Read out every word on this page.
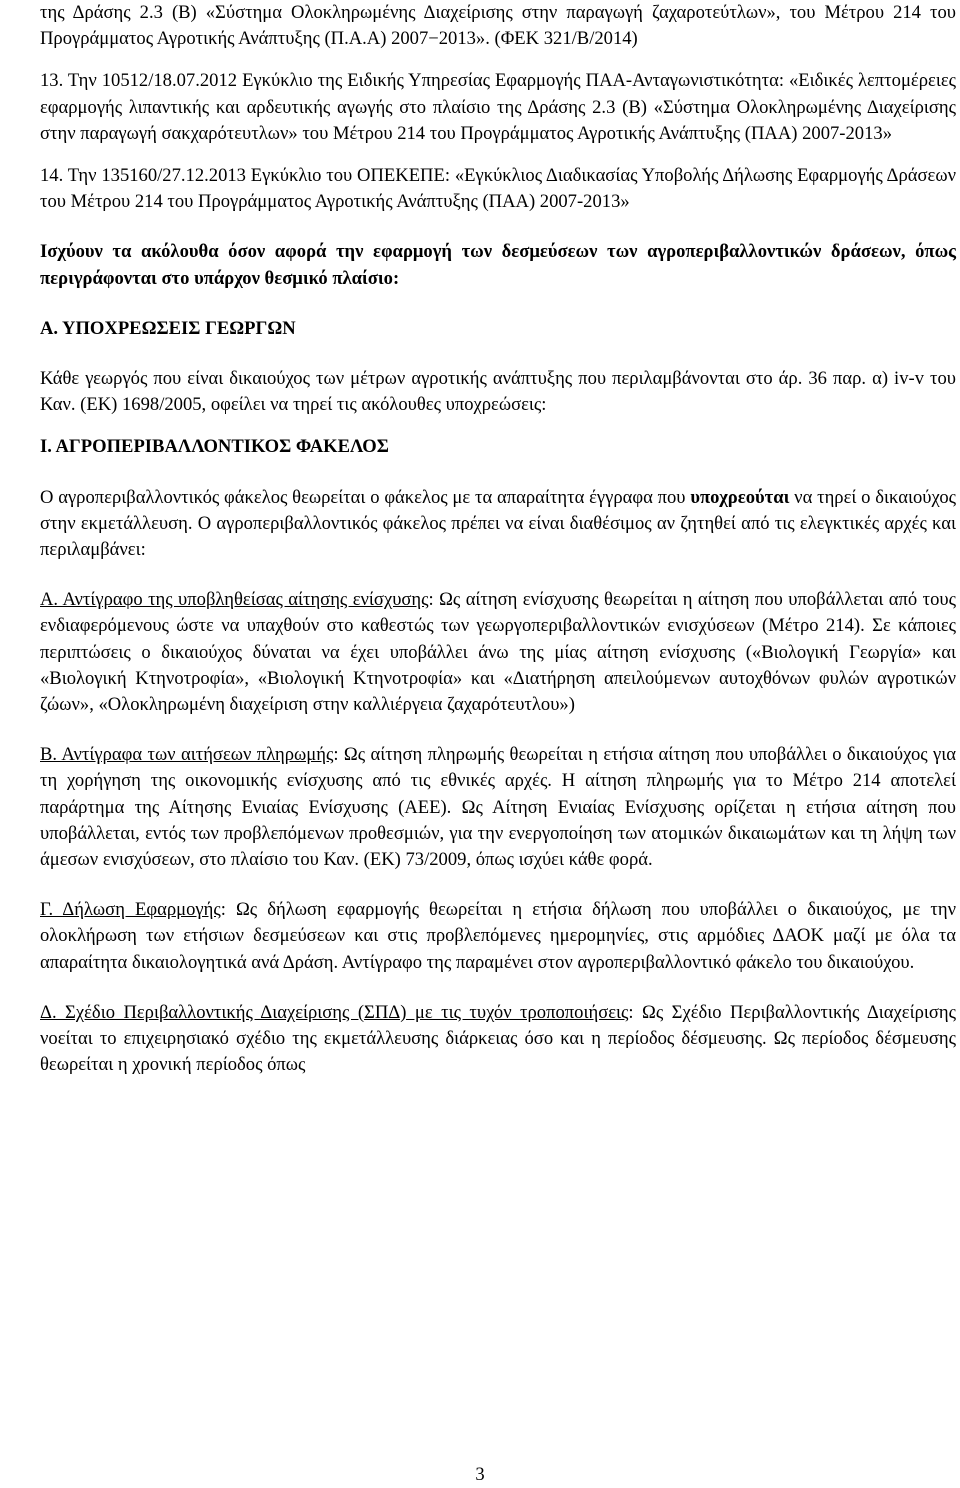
της Δράσης 2.3 (Β) «Σύστημα Ολοκληρωμένης Διαχείρισης στην παραγωγή ζαχαροτεύτλων», του Μέτρου 214 του Προγράμματος Αγροτικής Ανάπτυξης (Π.Α.Α) 2007−2013». (ΦΕΚ 321/Β/2014)

13. Την 10512/18.07.2012 Εγκύκλιο της Ειδικής Υπηρεσίας Εφαρμογής ΠΑΑ-Ανταγωνιστικότητα: «Ειδικές λεπτομέρειες εφαρμογής λιπαντικής και αρδευτικής αγωγής στο πλαίσιο της Δράσης 2.3 (Β) «Σύστημα Ολοκληρωμένης Διαχείρισης στην παραγωγή σακχαρότευτλων» του Μέτρου 214 του Προγράμματος Αγροτικής Ανάπτυξης (ΠΑΑ) 2007-2013»

14. Την 135160/27.12.2013 Εγκύκλιο του ΟΠΕΚΕΠΕ: «Εγκύκλιος Διαδικασίας Υποβολής Δήλωσης Εφαρμογής Δράσεων του Μέτρου 214 του Προγράμματος Αγροτικής Ανάπτυξης (ΠΑΑ) 2007-2013»

Ισχύουν τα ακόλουθα όσον αφορά την εφαρμογή των δεσμεύσεων των αγροπεριβαλλοντικών δράσεων, όπως περιγράφονται στο υπάρχον θεσμικό πλαίσιο:

Α. ΥΠΟΧΡΕΩΣΕΙΣ ΓΕΩΡΓΩΝ

Κάθε γεωργός που είναι δικαιούχος των μέτρων αγροτικής ανάπτυξης που περιλαμβάνονται στο άρ. 36 παρ. α) iv-v του Καν. (ΕΚ) 1698/2005, οφείλει να τηρεί τις ακόλουθες υποχρεώσεις:

Ι. ΑΓΡΟΠΕΡΙΒΑΛΛΟΝΤΙΚΟΣ ΦΑΚΕΛΟΣ

Ο αγροπεριβαλλοντικός φάκελος θεωρείται ο φάκελος με τα απαραίτητα έγγραφα που υποχρεούται να τηρεί ο δικαιούχος στην εκμετάλλευση. Ο αγροπεριβαλλοντικός φάκελος πρέπει να είναι διαθέσιμος αν ζητηθεί από τις ελεγκτικές αρχές και περιλαμβάνει:

Α. Αντίγραφο της υποβληθείσας αίτησης ενίσχυσης: Ως αίτηση ενίσχυσης θεωρείται η αίτηση που υποβάλλεται από τους ενδιαφερόμενους ώστε να υπαχθούν στο καθεστώς των γεωργοπεριβαλλοντικών ενισχύσεων (Μέτρο 214). Σε κάποιες περιπτώσεις ο δικαιούχος δύναται να έχει υποβάλλει άνω της μίας αίτηση ενίσχυσης («Βιολογική Γεωργία» και «Βιολογική Κτηνοτροφία», «Βιολογική Κτηνοτροφία» και «Διατήρηση απειλούμενων αυτοχθόνων φυλών αγροτικών ζώων», «Ολοκληρωμένη διαχείριση στην καλλιέργεια ζαχαρότευτλου»)

Β. Αντίγραφα των αιτήσεων πληρωμής: Ως αίτηση πληρωμής θεωρείται η ετήσια αίτηση που υποβάλλει ο δικαιούχος για τη χορήγηση της οικονομικής ενίσχυσης από τις εθνικές αρχές. Η αίτηση πληρωμής για το Μέτρο 214 αποτελεί παράρτημα της Αίτησης Ενιαίας Ενίσχυσης (ΑΕΕ). Ως Αίτηση Ενιαίας Ενίσχυσης ορίζεται η ετήσια αίτηση που υποβάλλεται, εντός των προβλεπόμενων προθεσμιών, για την ενεργοποίηση των ατομικών δικαιωμάτων και τη λήψη των άμεσων ενισχύσεων, στο πλαίσιο του Καν. (ΕΚ) 73/2009, όπως ισχύει κάθε φορά.

Γ. Δήλωση Εφαρμογής: Ως δήλωση εφαρμογής θεωρείται η ετήσια δήλωση που υποβάλλει ο δικαιούχος, με την ολοκλήρωση των ετήσιων δεσμεύσεων και στις προβλεπόμενες ημερομηνίες, στις αρμόδιες ΔΑΟΚ μαζί με όλα τα απαραίτητα δικαιολογητικά ανά Δράση. Αντίγραφο της παραμένει στον αγροπεριβαλλοντικό φάκελο του δικαιούχου.

Δ. Σχέδιο Περιβαλλοντικής Διαχείρισης (ΣΠΔ) με τις τυχόν τροποποιήσεις: Ως Σχέδιο Περιβαλλοντικής Διαχείρισης νοείται το επιχειρησιακό σχέδιο της εκμετάλλευσης διάρκειας όσο και η περίοδος δέσμευσης. Ως περίοδος δέσμευσης θεωρείται η χρονική περίοδος όπως

3
